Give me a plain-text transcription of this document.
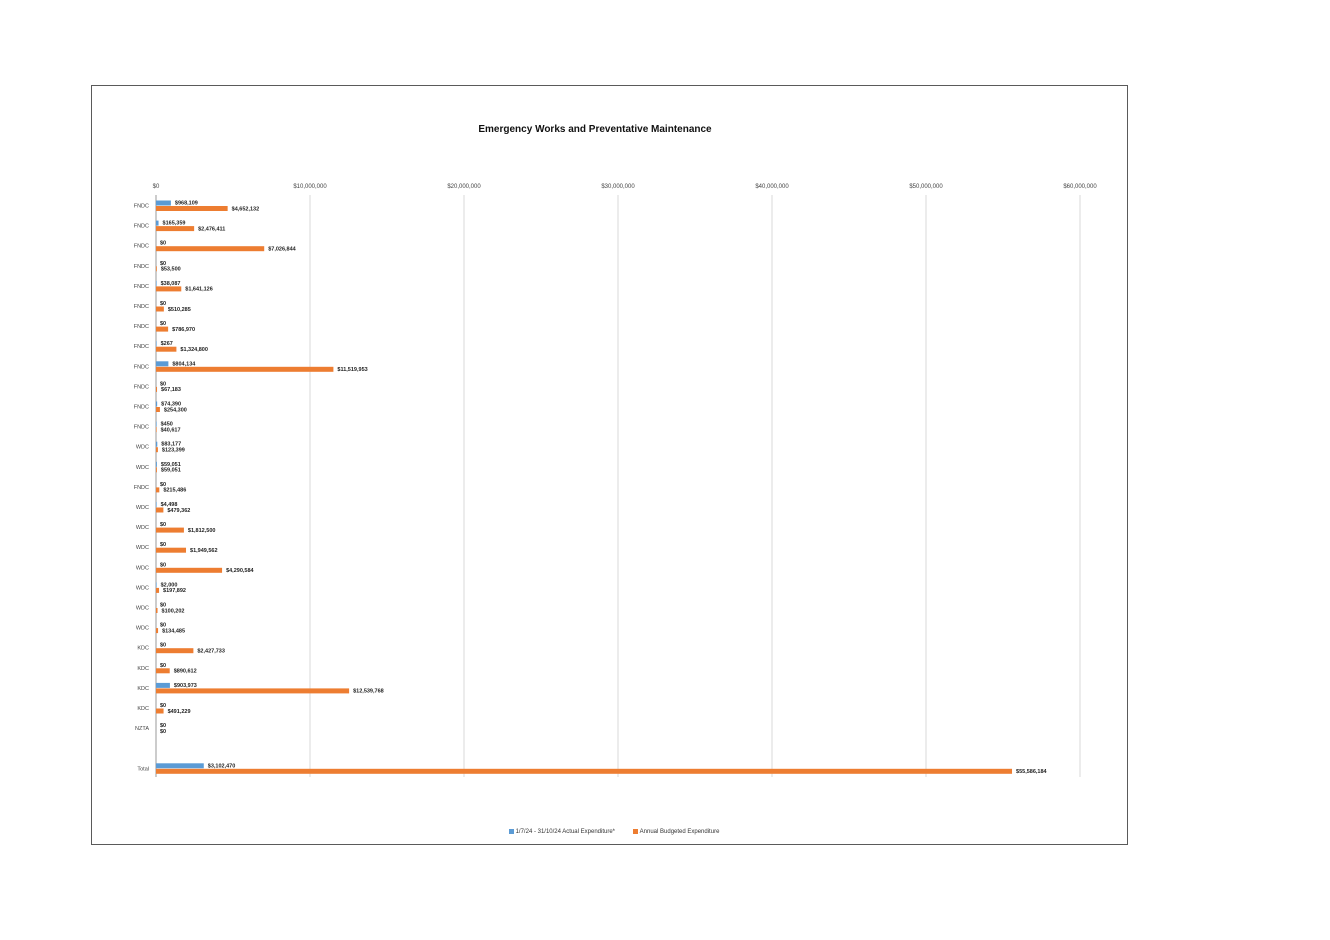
Emergency Works and Preventative Maintenance
$0	$10,000,000	$20,000,000	$30,000,000	$40,000,000	$50,000,000	$60,000,000
FNDC	$968,109
$4,652,132
FNDC $165,359
$2,476,411
FNDC $0
$7,026,844
FNDC $0
$53,500
FNDC $38,087
$1,641,126
FNDC $0
$510,285
FNDC $0
$786,970
FNDC $267
$1,324,800
FNDC	$804,134
$11,519,953
FNDC $0
$67,183
FNDC $74,390
$254,300
FNDC $450
$40,617
WDC $83,177
$123,399
WDC $59,051
$59,051
FNDC $0
$215,486
WDC $4,498
$479,362
WDC $0
$1,812,500
WDC $0
$1,949,562
WDC $0
$4,290,584
WDC $2,000
$197,892
WDC $0
$100,202
WDC $0
$134,485
KDC $0
$2,427,733
KDC $0
$890,612
KDC	$903,973
$12,539,768
KDC $0
$491,229
NZTA $0
$0
Total	$3,102,470
$55,586,184
1/7/24 - 31/10/24 Actual Expenditure*	Annual Budgeted Expenditure
